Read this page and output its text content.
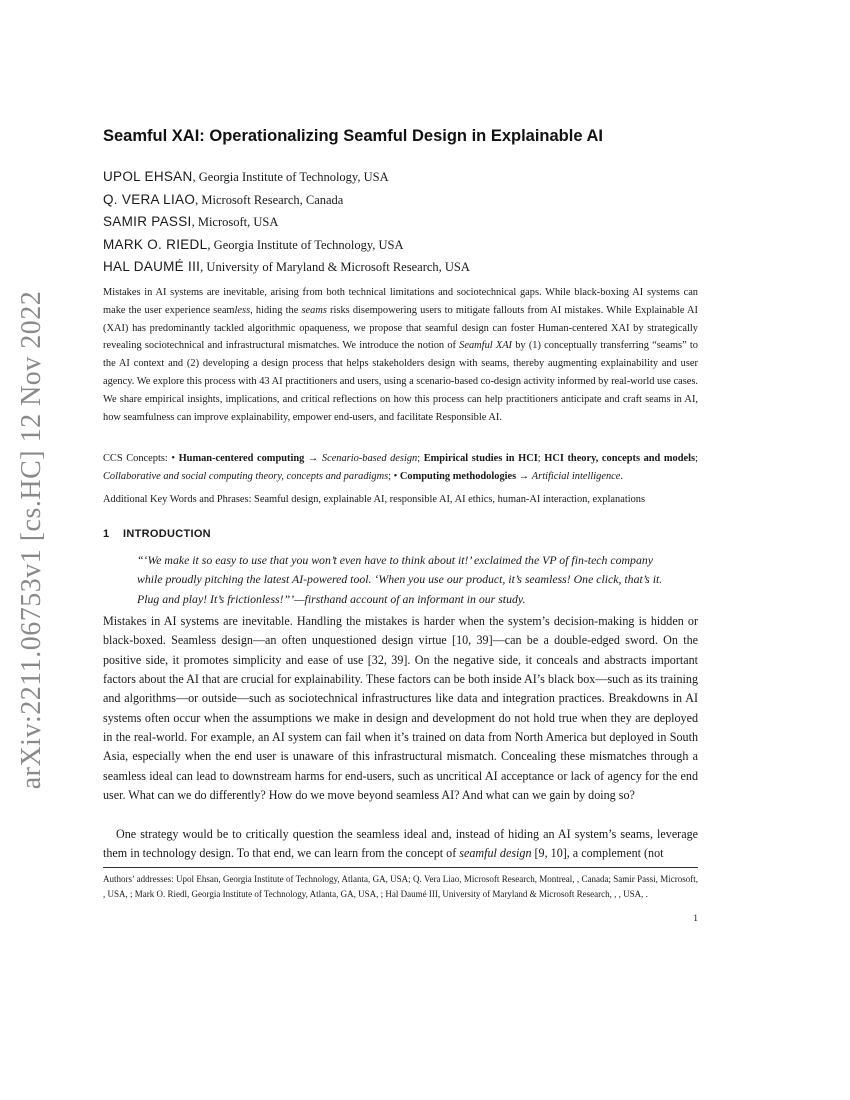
arXiv:2211.06753v1 [cs.HC] 12 Nov 2022
Seamful XAI: Operationalizing Seamful Design in Explainable AI
UPOL EHSAN, Georgia Institute of Technology, USA
Q. VERA LIAO, Microsoft Research, Canada
SAMIR PASSI, Microsoft, USA
MARK O. RIEDL, Georgia Institute of Technology, USA
HAL DAUMÉ III, University of Maryland & Microsoft Research, USA

Mistakes in AI systems are inevitable, arising from both technical limitations and sociotechnical gaps. While black-boxing AI systems can make the user experience seamless, hiding the seams risks disempowering users to mitigate fallouts from AI mistakes. While Explainable AI (XAI) has predominantly tackled algorithmic opaqueness, we propose that seamful design can foster Human-centered XAI by strategically revealing sociotechnical and infrastructural mismatches. We introduce the notion of Seamful XAI by (1) conceptually transferring “seams” to the AI context and (2) developing a design process that helps stakeholders design with seams, thereby augmenting explainability and user agency. We explore this process with 43 AI practitioners and users, using a scenario-based co-design activity informed by real-world use cases. We share empirical insights, implications, and critical reflections on how this process can help practitioners anticipate and craft seams in AI, how seamfulness can improve explainability, empower end-users, and facilitate Responsible AI.

CCS Concepts: • Human-centered computing → Scenario-based design; Empirical studies in HCI; HCI theory, concepts and models; Collaborative and social computing theory, concepts and paradigms; • Computing methodologies → Artificial intelligence.

Additional Key Words and Phrases: Seamful design, explainable AI, responsible AI, AI ethics, human-AI interaction, explanations

1 INTRODUCTION

“‘We make it so easy to use that you won’t even have to think about it!’ exclaimed the VP of fin-tech company while proudly pitching the latest AI-powered tool. ‘When you use our product, it’s seamless! One click, that’s it. Plug and play! It’s frictionless!”’—firsthand account of an informant in our study.

Mistakes in AI systems are inevitable. Handling the mistakes is harder when the system’s decision-making is hidden or black-boxed. Seamless design—an often unquestioned design virtue [10, 39]—can be a double-edged sword. On the positive side, it promotes simplicity and ease of use [32, 39]. On the negative side, it conceals and abstracts important factors about the AI that are crucial for explainability. These factors can be both inside AI’s black box—such as its training and algorithms—or outside—such as sociotechnical infrastructures like data and integration practices. Breakdowns in AI systems often occur when the assumptions we make in design and development do not hold true when they are deployed in the real-world. For example, an AI system can fail when it’s trained on data from North America but deployed in South Asia, especially when the end user is unaware of this infrastructural mismatch. Concealing these mismatches through a seamless ideal can lead to downstream harms for end-users, such as uncritical AI acceptance or lack of agency for the end user. What can we do differently? How do we move beyond seamless AI? And what can we gain by doing so?

One strategy would be to critically question the seamless ideal and, instead of hiding an AI system’s seams, leverage them in technology design. To that end, we can learn from the concept of seamful design [9, 10], a complement (not

Authors’ addresses: Upol Ehsan, Georgia Institute of Technology, Atlanta, GA, USA; Q. Vera Liao, Microsoft Research, Montreal, , Canada; Samir Passi, Microsoft, , USA, ; Mark O. Riedl, Georgia Institute of Technology, Atlanta, GA, USA, ; Hal Daumé III, University of Maryland & Microsoft Research, , , USA, .

1
